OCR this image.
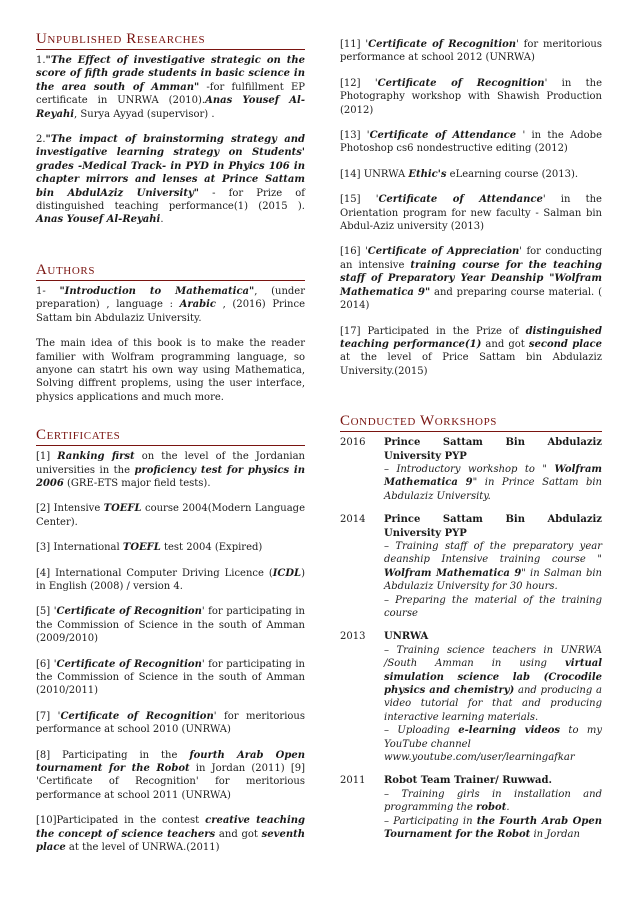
Unpublished Researches

1."The Effect of investigative strategic on the score of fifth grade students in basic science in the area south of Amman" -for fulfillment EP certificate in UNRWA (2010).Anas Yousef Al-Reyahi, Surya Ayyad (supervisor) .

2."The impact of brainstorming strategy and investigative learning strategy on Students' grades -Medical Track- in PYD in Phyics 106 in chapter mirrors and lenses at Prince Sattam bin AbdulAziz University" - for Prize of distinguished teaching performance(1) (2015 ). Anas Yousef Al-Reyahi.

Authors

1- "Introduction to Mathematica", (under preparation) , language : Arabic , (2016) Prince Sattam bin Abdulaziz University.

The main idea of this book is to make the reader familier with Wolfram programming language, so anyone can statrt his own way using Mathematica, Solving diffrent proplems, using the user interface, physics applications and much more.

Certificates

[1] Ranking first on the level of the Jordanian universities in the proficiency test for physics in 2006 (GRE-ETS major field tests).

[2] Intensive TOEFL course 2004(Modern Language Center).

[3] International TOEFL test 2004 (Expired)

[4] International Computer Driving Licence (ICDL) in English (2008) / version 4.

[5] 'Certificate of Recognition' for participating in the Commission of Science in the south of Amman (2009/2010)

[6] 'Certificate of Recognition' for participating in the Commission of Science in the south of Amman (2010/2011)

[7] 'Certificate of Recognition' for meritorious performance at school 2010 (UNRWA)

[8] Participating in the fourth Arab Open tournament for the Robot in Jordan (2011) [9] 'Certificate of Recognition' for meritorious performance at school 2011 (UNRWA)

[10]Participated in the contest creative teaching the concept of science teachers and got seventh place at the level of UNRWA.(2011)

[11] 'Certificate of Recognition' for meritorious performance at school 2012 (UNRWA)

[12] 'Certificate of Recognition' in the Photography workshop with Shawish Production (2012)

[13] 'Certificate of Attendance ' in the Adobe Photoshop cs6 nondestructive editing (2012)

[14] UNRWA Ethic's eLearning course (2013).

[15] 'Certificate of Attendance' in the Orientation program for new faculty - Salman bin Abdul-Aziz university (2013)

[16] 'Certificate of Appreciation' for conducting an intensive training course for the teaching staff of Preparatory Year Deanship "Wolfram Mathematica 9" and preparing course material. ( 2014)

[17] Participated in the Prize of distinguished teaching performance(1) and got second place at the level of Price Sattam bin Abdulaziz University.(2015)

Conducted Workshops
2016	Prince Sattam Bin Abdulaziz University PYP
– Introductory workshop to " Wolfram Mathematica 9" in Prince Sattam bin Abdulaziz University.

2014	Prince Sattam Bin Abdulaziz University PYP
– Training staff of the preparatory year deanship Intensive training course " Wolfram Mathematica 9" in Salman bin Abdulaziz University for 30 hours.
– Preparing the material of the training course

2013	UNRWA
– Training science teachers in UNRWA /South Amman in using virtual simulation science lab (Crocodile physics and chemistry) and producing a video tutorial for that and producing interactive learning materials.
– Uploading e-learning videos to my YouTube channel
www.youtube.com/user/learningafkar

2011	Robot Team Trainer/ Ruwwad.
– Training girls in installation and programming the robot.
– Participating in the Fourth Arab Open Tournament for the Robot in Jordan
